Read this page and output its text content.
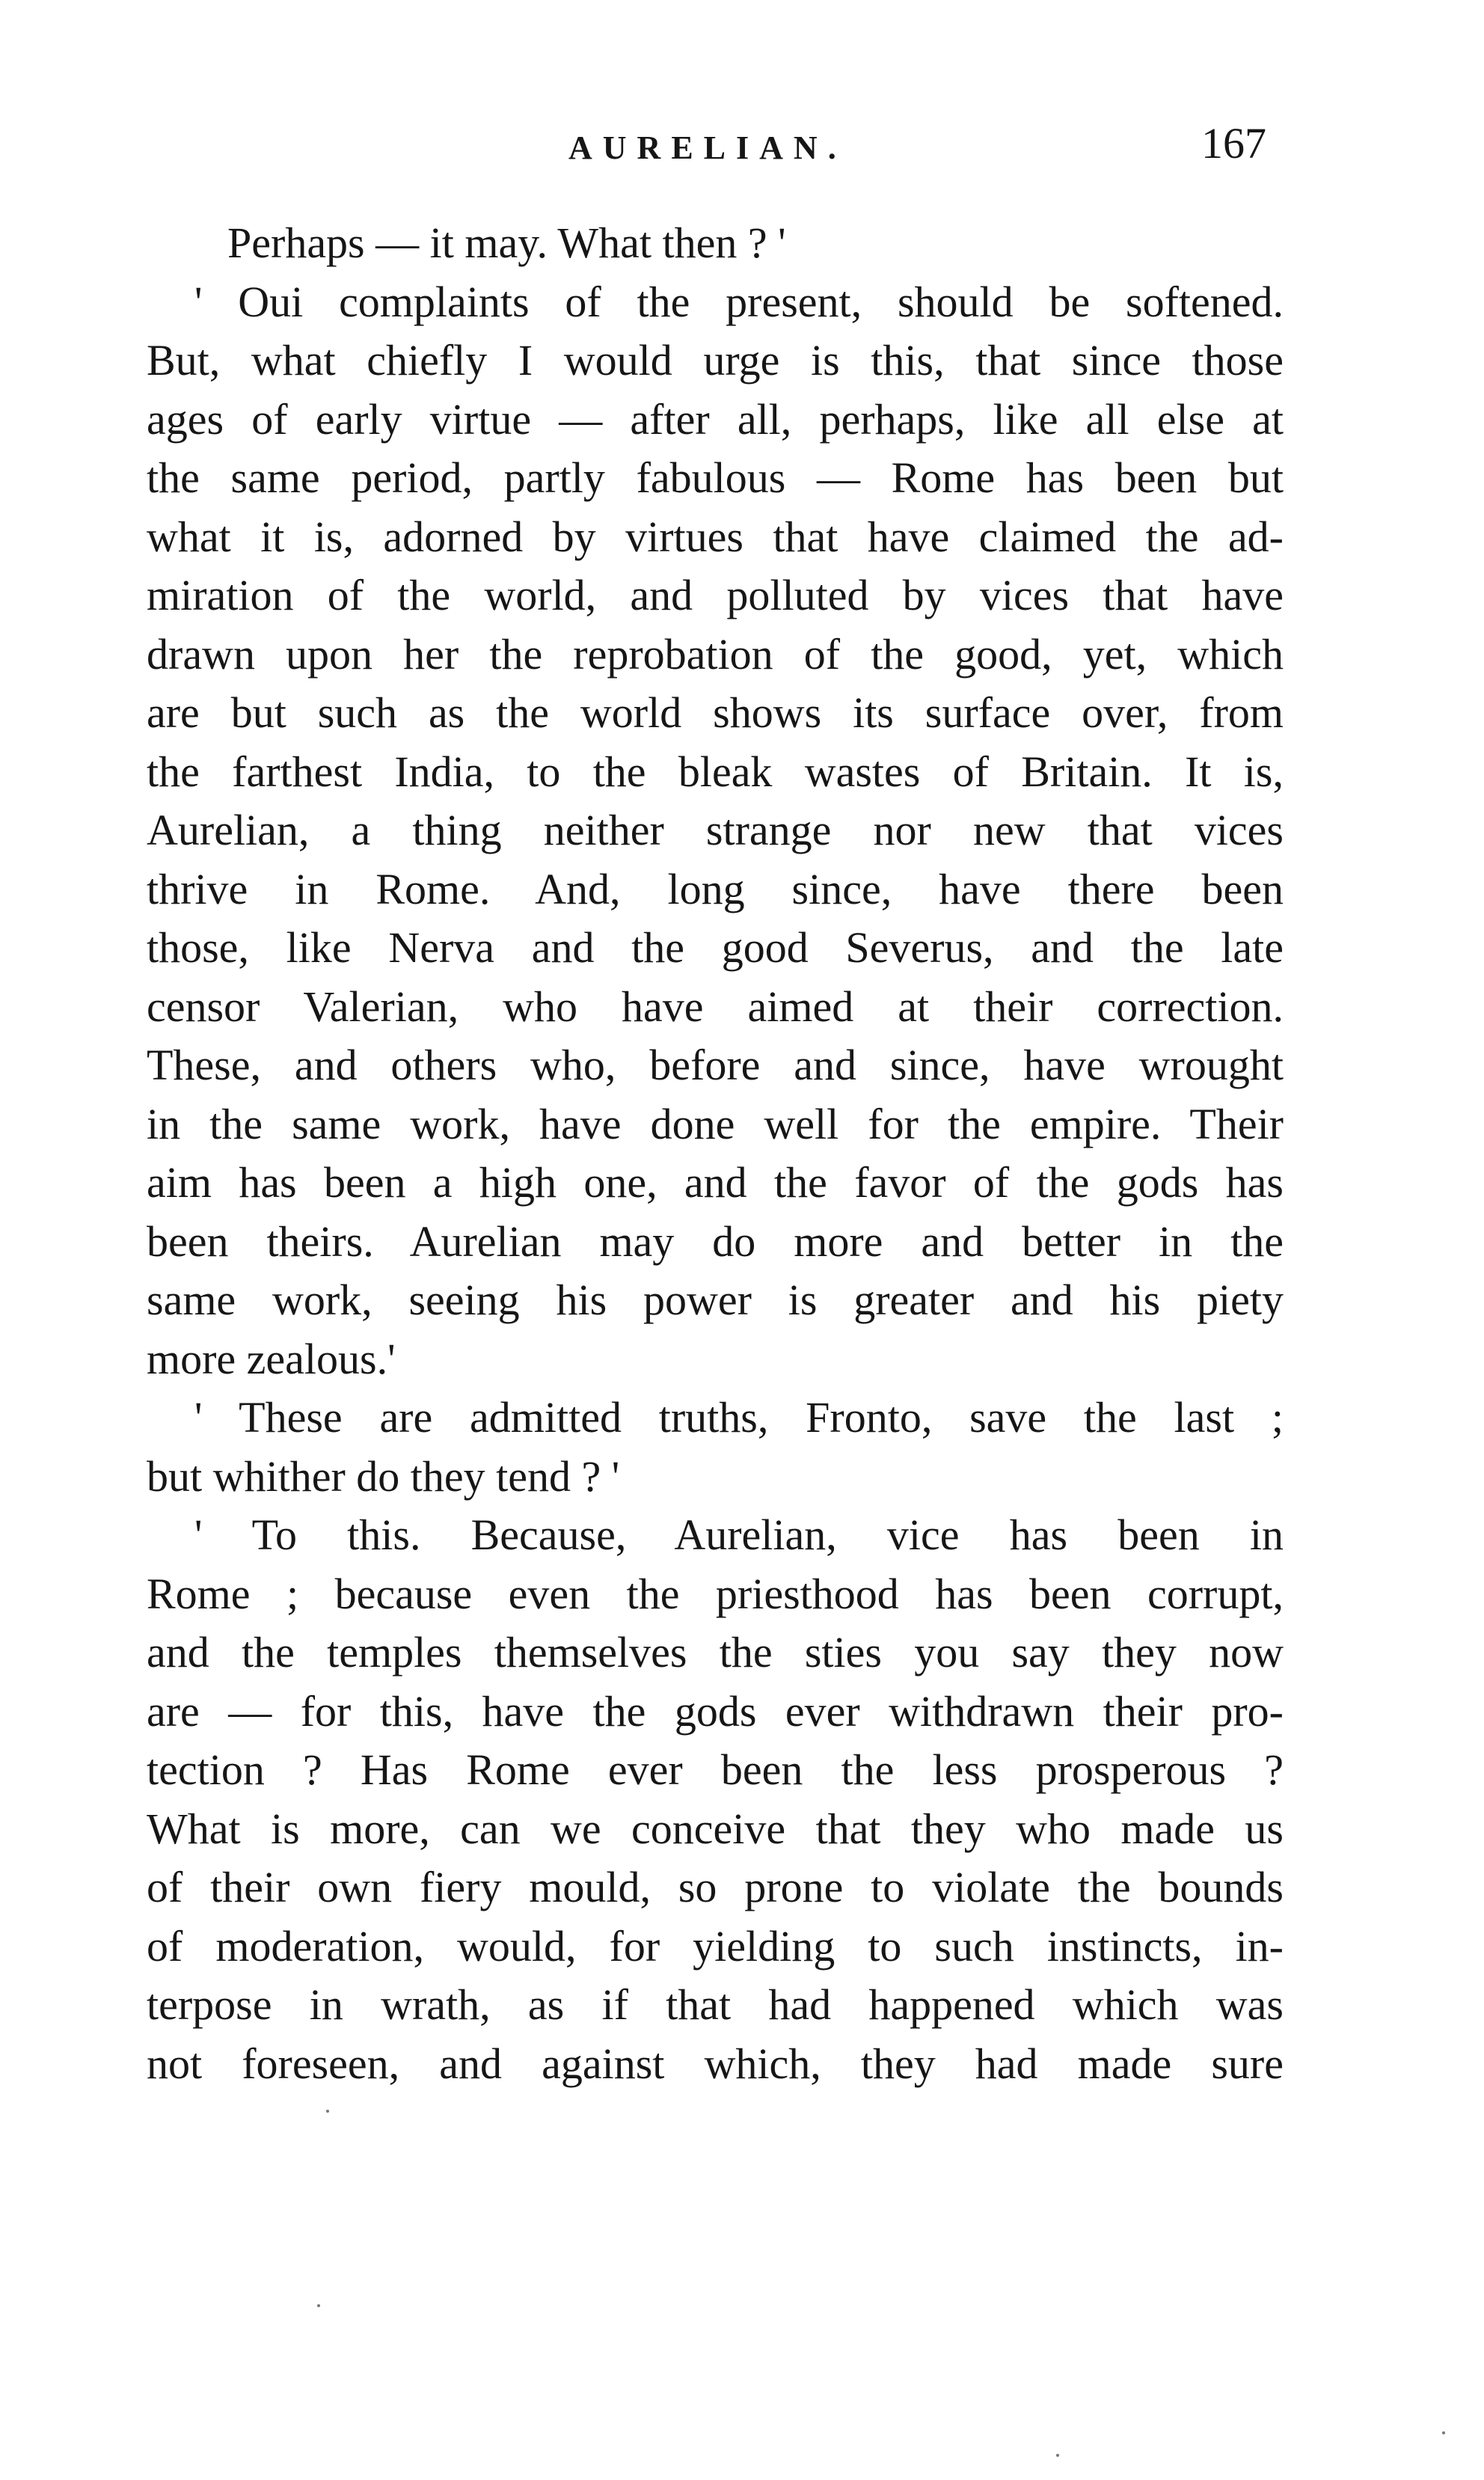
AURELIAN.	167
Perhaps — it may. What then ? '
' Oui complaints of the present, should be softened.
But, what chiefly I would urge is this, that since those
ages of early virtue — after all, perhaps, like all else at
the same period, partly fabulous — Rome has been but
what it is, adorned by virtues that have claimed the ad-
miration of the world, and polluted by vices that have
drawn upon her the reprobation of the good, yet, which
are but such as the world shows its surface over, from
the farthest India, to the bleak wastes of Britain. It is,
Aurelian, a thing neither strange nor new that vices
thrive in Rome. And, long since, have there been
those, like Nerva and the good Severus, and the late
censor Valerian, who have aimed at their correction.
These, and others who, before and since, have wrought
in the same work, have done well for the empire. Their
aim has been a high one, and the favor of the gods has
been theirs. Aurelian may do more and better in the
same work, seeing his power is greater and his piety
more zealous.'
' These are admitted truths, Fronto, save the last ;
but whither do they tend ? '
' To this. Because, Aurelian, vice has been in
Rome ; because even the priesthood has been corrupt,
and the temples themselves the sties you say they now
are — for this, have the gods ever withdrawn their pro-
tection ? Has Rome ever been the less prosperous ?
What is more, can we conceive that they who made us
of their own fiery mould, so prone to violate the bounds
of moderation, would, for yielding to such instincts, in-
terpose in wrath, as if that had happened which was
not foreseen, and against which, they had made sure
